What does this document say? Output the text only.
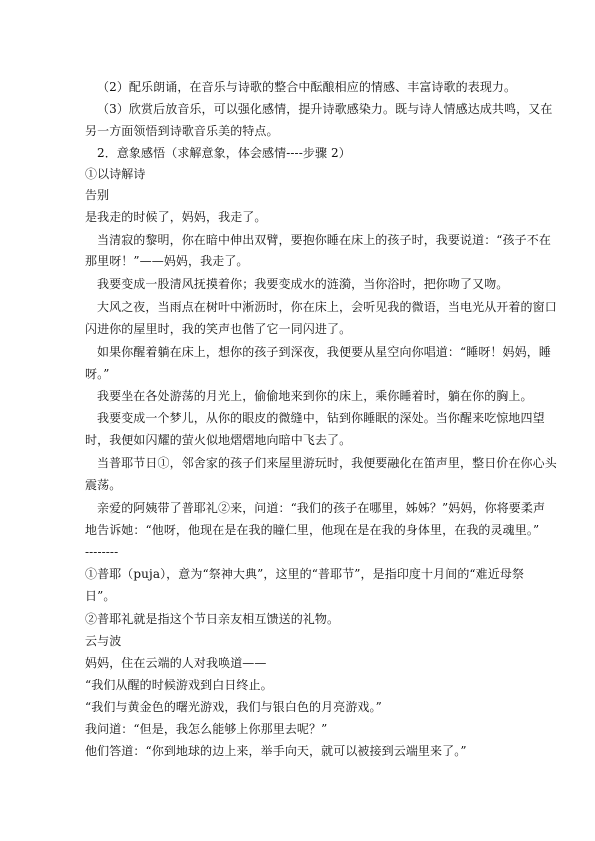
（2）配乐朗诵，在音乐与诗歌的整合中酝酿相应的情感、丰富诗歌的表现力。
（3）欣赏后放音乐，可以强化感情，提升诗歌感染力。既与诗人情感达成共鸣，又在
另一方面领悟到诗歌音乐美的特点。
2．意象感悟（求解意象，体会感情----步骤 2）
①以诗解诗
告别
是我走的时候了，妈妈，我走了。
当清寂的黎明，你在暗中伸出双臂，要抱你睡在床上的孩子时，我要说道：“孩子不在
那里呀！”——妈妈，我走了。
我要变成一股清风抚摸着你；我要变成水的涟漪，当你浴时，把你吻了又吻。
大风之夜，当雨点在树叶中淅沥时，你在床上，会听见我的微语，当电光从开着的窗口
闪进你的屋里时，我的笑声也偕了它一同闪进了。
如果你醒着躺在床上，想你的孩子到深夜，我便要从星空向你唱道：“睡呀！妈妈，睡
呀。”
我要坐在各处游荡的月光上，偷偷地来到你的床上，乘你睡着时，躺在你的胸上。
我要变成一个梦儿，从你的眼皮的微缝中，钻到你睡眠的深处。当你醒来吃惊地四望
时，我便如闪耀的萤火似地熠熠地向暗中飞去了。
当普耶节日①，邻舍家的孩子们来屋里游玩时，我便要融化在笛声里，整日价在你心头
震荡。
亲爱的阿姨带了普耶礼②来，问道：“我们的孩子在哪里，姊姊？”妈妈，你将要柔声
地告诉她：“他呀，他现在是在我的瞳仁里，他现在是在我的身体里，在我的灵魂里。”
--------
①普耶（puja），意为“祭神大典”，这里的“普耶节”，是指印度十月间的“难近母祭
日”。
②普耶礼就是指这个节日亲友相互馈送的礼物。
云与波
妈妈，住在云端的人对我唤道——
“我们从醒的时候游戏到白日终止。
“我们与黄金色的曙光游戏，我们与银白色的月亮游戏。”
我问道：“但是，我怎么能够上你那里去呢？”
他们答道：“你到地球的边上来，举手向天，就可以被接到云端里来了。”
